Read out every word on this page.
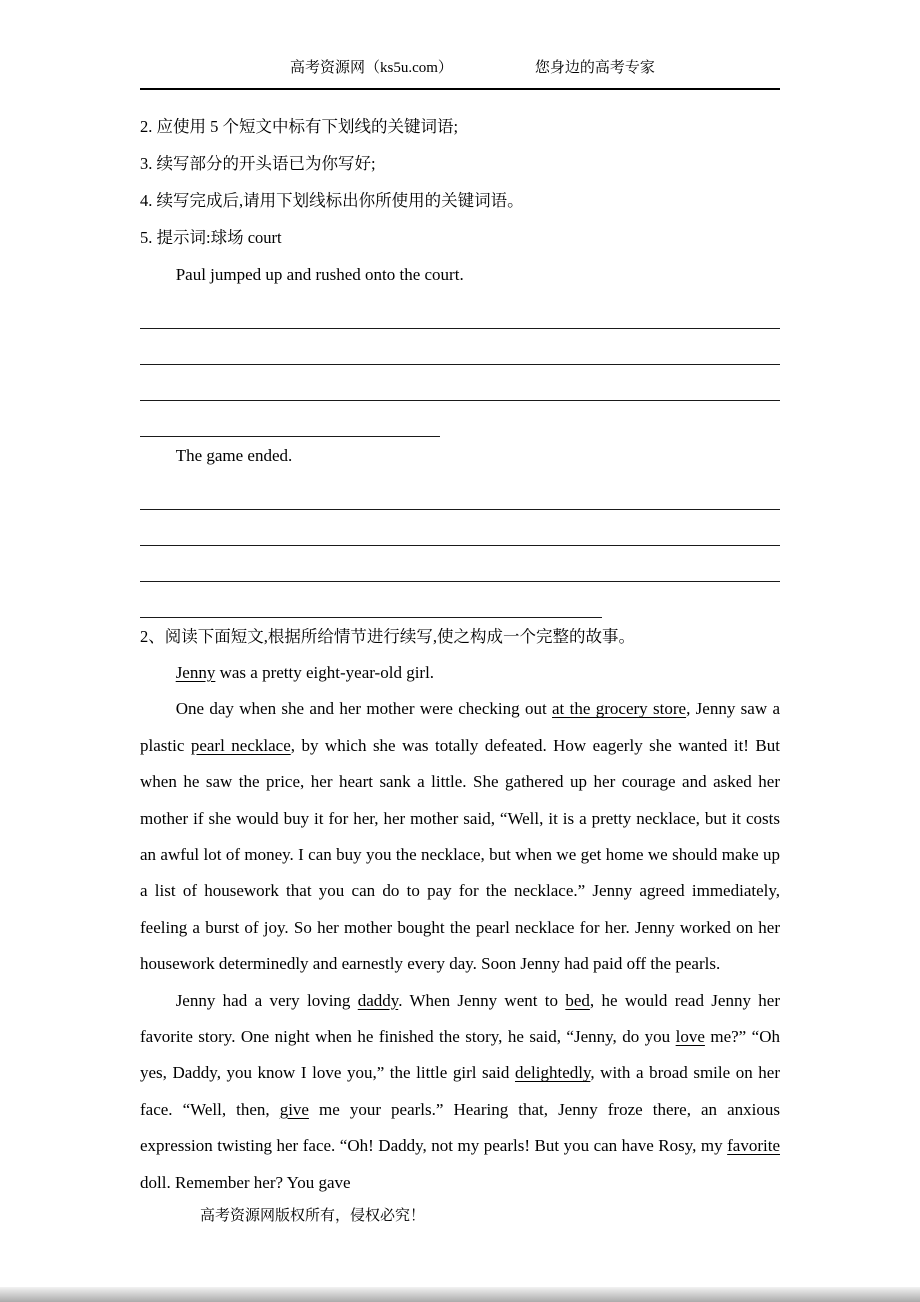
高考资源网（ks5u.com）	您身边的高考专家

2. 应使用 5 个短文中标有下划线的关键词语;

3. 续写部分的开头语已为你写好;

4. 续写完成后,请用下划线标出你所使用的关键词语。

5. 提示词:球场 court

Paul jumped up and rushed onto the court.

The game ended.

2、阅读下面短文,根据所给情节进行续写,使之构成一个完整的故事。

Jenny was a pretty eight-year-old girl.

One day when she and her mother were checking out at the grocery store, Jenny saw a plastic pearl necklace, by which she was totally defeated. How eagerly she wanted it! But when he saw the price, her heart sank a little. She gathered up her courage and asked her mother if she would buy it for her, her mother said, “Well, it is a pretty necklace, but it costs an awful lot of money. I can buy you the necklace, but when we get home we should make up a list of housework that you can do to pay for the necklace.” Jenny agreed immediately, feeling a burst of joy. So her mother bought the pearl necklace for her. Jenny worked on her housework determinedly and earnestly every day. Soon Jenny had paid off the pearls.

Jenny had a very loving daddy. When Jenny went to bed, he would read Jenny her favorite story. One night when he finished the story, he said, “Jenny, do you love me?” “Oh yes, Daddy, you know I love you,” the little girl said delightedly, with a broad smile on her face. “Well, then, give me your pearls.” Hearing that, Jenny froze there, an anxious expression twisting her face. “Oh! Daddy, not my pearls! But you can have Rosy, my favorite doll. Remember her? You gave

高考资源网版权所有，侵权必究！
